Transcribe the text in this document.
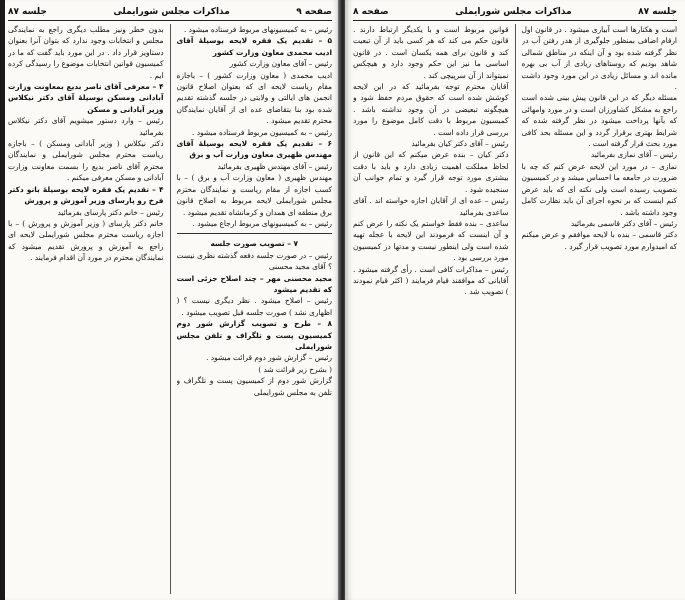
صفحه ۹
مذاکرات مجلس شورایملی
جلسه ۸۷

رئیس – به کمیسیونهای مربوط فرستاده میشود .

۵ – تقدیم یک فقره لایحه بوسیلهٔ آقای ادیب محمدی معاون وزارت کشور

رئیس – آقای معاون وزارت کشور

ادیب محمدی ( معاون وزارت کشور ) – باجازه مقام ریاست لایحه ای که بعنوان اصلاح قانون انجمن های ایالتی و ولایتی در جلسه گذشته تقدیم شده بود بنا بتقاضای عده ای از آقایان نمایندگان محترم تقدیم میشود .

رئیس – به کمیسیون مربوط فرستاده میشود .

۶ – تقدیم یک فقره لایحه بوسیلهٔ آقای مهندس ظهیری معاون وزارت آب و برق

رئیس – آقای مهندس ظهیری بفرمائید

مهندس ظهیری ( معاون وزارت آب و برق ) – با کسب اجازه از مقام ریاست و نمایندگان محترم مجلس شورایملی لایحه مربوط به اصلاح قانون برق منطقه ای همدان و کرمانشاه تقدیم میشود .

رئیس – به کمیسیونهای مربوط ارجاع میشود .

۷ – تصویب صورت جلسه

رئیس – در صورت جلسه دفعه گذشته نظری نیست ؟ آقای مجید محسنی

مجید محسنی مهر – چند اصلاح جزئی است که تقدیم میشود

رئیس – اصلاح میشود . نظر دیگری نیست ؟ ( اظهاری نشد ) صورت جلسه قبل تصویب میشود .

۸ – طرح و تصویب گزارش شور دوم کمیسیون پست و تلگراف و تلفن مجلس شورایملی

رئیس – گزارش شور دوم قرائت میشود .

( بشرح زیر قرائت شد )

گزارش شور دوم از کمیسیون پست و تلگراف و تلفن به مجلس شورایملی

بدون خطر ونیز مطلب دیگری راجع به نمایندگی مجلس و انتخابات وجود ندارد که بتوان آنرا بعنوان دستاویز قرار داد . در این مورد باید گفت که ما در کمیسیون قوانین انتخابات موضوع را رسیدگی کرده ایم .

۴ – معرفی آقای ناصر بدیع بمعاونت وزارت آبادانی ومسکن بوسیلهٔ آقای دکتر نیکلاس وزیر آبادانی و مسکن

رئیس – وارد دستور میشویم آقای دکتر نیکلاس بفرمائید

دکتر نیکلاس ( وزیر آبادانی ومسکن ) – باجازه ریاست محترم مجلس شورایملی و نمایندگان محترم آقای ناصر بدیع را بسمت معاونت وزارت آبادانی و مسکن معرفی میکنم .

۴ – تقدیم یک فقره لایحه بوسیلهٔ بانو دکتر فرخ رو پارسای وزیر آموزش و پرورش

رئیس – خانم دکتر پارسای بفرمائید

خانم دکتر پارسای ( وزیر آموزش و پرورش ) – با اجازه ریاست محترم مجلس شورایملی لایحه ای راجع به آموزش و پرورش تقدیم میشود که نمایندگان محترم در مورد آن اقدام فرمایند .

جلسه ۸۷
مذاکرات مجلس شورایملی
صفحه ۸

است و هکتارها است آبیاری میشود . در قانون اول ارقام اضافی بمنظور جلوگیری از هدر رفتن آب در نظر گرفته شده بود و آن اینکه در مناطق شمالی شاهد بودیم که روستاهای زیادی از آب بی بهره مانده اند و مسائل زیادی در این مورد وجود داشت .

مسئله دیگر که در این قانون پیش بینی شده است راجع به مشکل کشاورزان است و در مورد وامهائی که بآنها پرداخت میشود در نظر گرفته شده که شرایط بهتری برقرار گردد و این مسئله بحد کافی مورد بحث قرار گرفته است .

رئیس – آقای نمازی بفرمائید

نمازی – در مورد این لایحه عرض کنم که چه با ضرورت در جامعه ما احساس میشد و در کمیسیون بتصویب رسیده است ولی نکته ای که باید عرض کنم اینست که بر نحوه اجرای آن باید نظارت کامل وجود داشته باشد .

رئیس – آقای دکتر قاسمی بفرمائید

دکتر قاسمی – بنده با لایحه موافقم و عرض میکنم که امیدوارم مورد تصویب قرار گیرد .

قوانین مربوط است و با یکدیگر ارتباط دارند . قانون حکم می کند که هر کسی باید از آن تبعیت کند و قانون برای همه یکسان است . در قانون اساسی ما نیز این حکم وجود دارد و هیچکس نمیتواند از آن سرپیچی کند .

آقایان محترم توجه بفرمائید که در این لایحه کوشش شده است که حقوق مردم حفظ شود و هیچگونه تبعیضی در آن وجود نداشته باشد . کمیسیون مربوط با دقت کامل موضوع را مورد بررسی قرار داده است .

رئیس – آقای دکتر کیان بفرمائید

دکتر کیان – بنده عرض میکنم که این قانون از لحاظ مملکت اهمیت زیادی دارد و باید با دقت بیشتری مورد توجه قرار گیرد و تمام جوانب آن سنجیده شود .

رئیس – عده ای از آقایان اجازه خواسته اند . آقای ساعدی بفرمائید

ساعدی – بنده فقط خواستم یک نکته را عرض کنم و آن اینست که فرمودند این لایحه با عجله تهیه شده است ولی اینطور نیست و مدتها در کمیسیون مورد بررسی بود .

رئیس – مذاکرات کافی است . رأی گرفته میشود . آقایانی که موافقند قیام فرمایند ( اکثر قیام نمودند ) تصویب شد .
